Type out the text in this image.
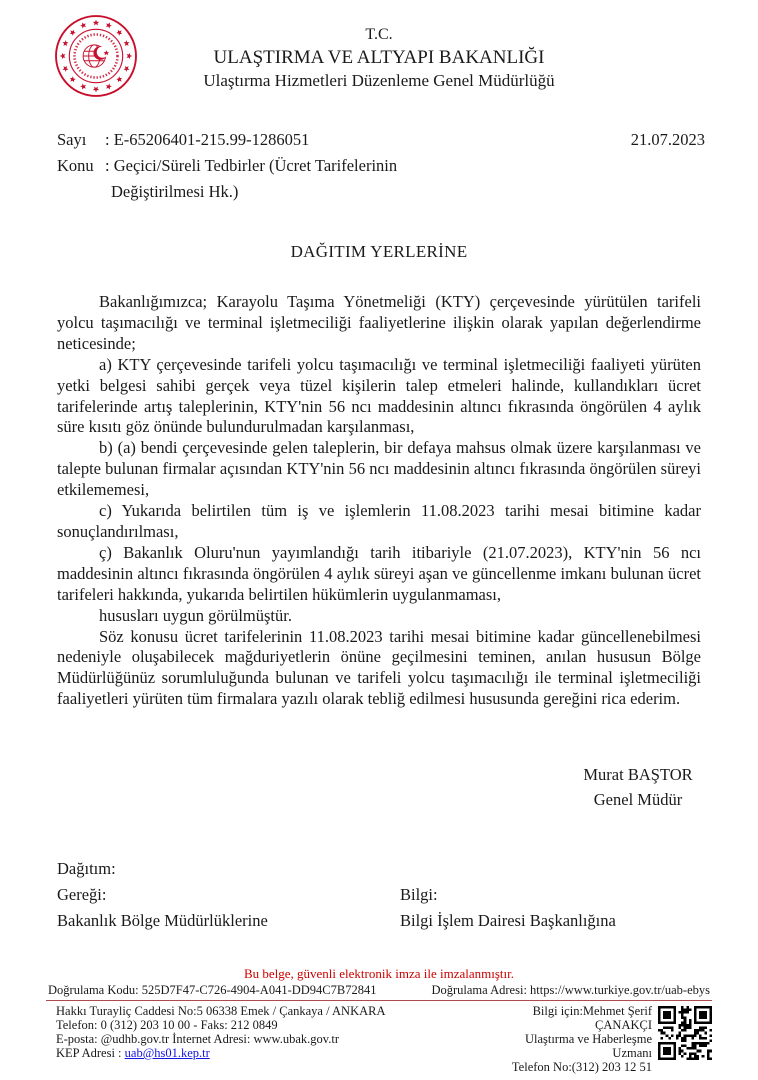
T.C.
ULAŞTIRMA VE ALTYAPI BAKANLIĞI
Ulaştırma Hizmetleri Düzenleme Genel Müdürlüğü
Sayı	: E-65206401-215.99-1286051
Konu : Geçici/Süreli Tedbirler (Ücret Tarifelerinin
Değiştirilmesi Hk.)
21.07.2023
DAĞITIM YERLERİNE

Bakanlığımızca; Karayolu Taşıma Yönetmeliği (KTY) çerçevesinde yürütülen tarifeli yolcu taşımacılığı ve terminal işletmeciliği faaliyetlerine ilişkin olarak yapılan değerlendirme neticesinde;

a) KTY çerçevesinde tarifeli yolcu taşımacılığı ve terminal işletmeciliği faaliyeti yürüten yetki belgesi sahibi gerçek veya tüzel kişilerin talep etmeleri halinde, kullandıkları ücret tarifelerinde artış taleplerinin, KTY'nin 56 ncı maddesinin altıncı fıkrasında öngörülen 4 aylık süre kısıtı göz önünde bulundurulmadan karşılanması,

b) (a) bendi çerçevesinde gelen taleplerin, bir defaya mahsus olmak üzere karşılanması ve talepte bulunan firmalar açısından KTY'nin 56 ncı maddesinin altıncı fıkrasında öngörülen süreyi etkilememesi,

c) Yukarıda belirtilen tüm iş ve işlemlerin 11.08.2023 tarihi mesai bitimine kadar sonuçlandırılması,

ç) Bakanlık Oluru'nun yayımlandığı tarih itibariyle (21.07.2023), KTY'nin 56 ncı maddesinin altıncı fıkrasında öngörülen 4 aylık süreyi aşan ve güncellenme imkanı bulunan ücret tarifeleri hakkında, yukarıda belirtilen hükümlerin uygulanmaması,

hususları uygun görülmüştür.

Söz konusu ücret tarifelerinin 11.08.2023 tarihi mesai bitimine kadar güncellenebilmesi nedeniyle oluşabilecek mağduriyetlerin önüne geçilmesini teminen, anılan hususun Bölge Müdürlüğünüz sorumluluğunda bulunan ve tarifeli yolcu taşımacılığı ile terminal işletmeciliği faaliyetleri yürüten tüm firmalara yazılı olarak tebliğ edilmesi hususunda gereğini rica ederim.

Murat BAŞTOR
Genel Müdür
Dağıtım:
Gereği:	Bilgi:
Bakanlık Bölge Müdürlüklerine	Bilgi İşlem Dairesi Başkanlığına
Bu belge, güvenli elektronik imza ile imzalanmıştır.
Doğrulama Kodu: 525D7F47-C726-4904-A041-DD94C7B72841	Doğrulama Adresi: https://www.turkiye.gov.tr/uab-ebys
Hakkı Turayliç Caddesi No:5 06338 Emek / Çankaya / ANKARA
Telefon: 0 (312) 203 10 00 - Faks: 212 0849
E-posta: @udhb.gov.tr İnternet Adresi: www.ubak.gov.tr
KEP Adresi : uab@hs01.kep.tr
Bilgi için:Mehmet Şerif
ÇANAKÇI
Ulaştırma ve Haberleşme
Uzmanı
Telefon No:(312) 203 12 51
